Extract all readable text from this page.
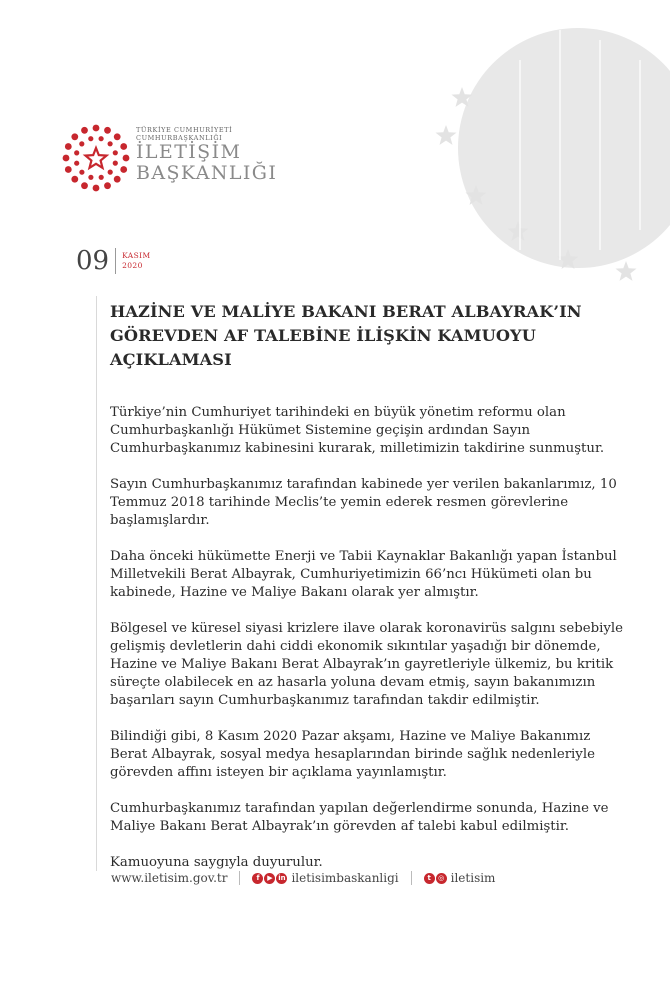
TÜRKİYE CUMHURİYETİ
CUMHURBAŞKANLIĞI
İLETİŞİM
BAŞKANLIĞI
09 KASIM
2020
HAZİNE VE MALİYE BAKANI BERAT ALBAYRAK’IN
GÖREVDEN AF TALEBİNE İLİŞKİN KAMUOYU AÇIKLAMASI

Türkiye’nin Cumhuriyet tarihindeki en büyük yönetim reformu olan Cumhurbaşkanlığı Hükümet Sistemine geçişin ardından Sayın Cumhurbaşkanımız kabinesini kurarak, milletimizin takdirine sunmuştur.

Sayın Cumhurbaşkanımız tarafından kabinede yer verilen bakanlarımız, 10 Temmuz 2018 tarihinde Meclis’te yemin ederek resmen görevlerine başlamışlardır.

Daha önceki hükümette Enerji ve Tabii Kaynaklar Bakanlığı yapan İstanbul Milletvekili Berat Albayrak, Cumhuriyetimizin 66’ncı Hükümeti olan bu kabinede, Hazine ve Maliye Bakanı olarak yer almıştır.

Bölgesel ve küresel siyasi krizlere ilave olarak koronavirüs salgını sebebiyle gelişmiş devletlerin dahi ciddi ekonomik sıkıntılar yaşadığı bir dönemde, Hazine ve Maliye Bakanı Berat Albayrak’ın gayretleriyle ülkemiz, bu kritik süreçte olabilecek en az hasarla yoluna devam etmiş, sayın bakanımızın başarıları sayın Cumhurbaşkanımız tarafından takdir edilmiştir.

Bilindiği gibi, 8 Kasım 2020 Pazar akşamı, Hazine ve Maliye Bakanımız Berat Albayrak, sosyal medya hesaplarından birinde sağlık nedenleriyle görevden affını isteyen bir açıklama yayınlamıştır.

Cumhurbaşkanımız tarafından yapılan değerlendirme sonunda, Hazine ve Maliye Bakanı Berat Albayrak’ın görevden af talebi kabul edilmiştir.

Kamuoyuna saygıyla duyurulur.

www.iletisim.gov.tr	f	▶ in iletisimbaskanligi	t	◎ iletisim
